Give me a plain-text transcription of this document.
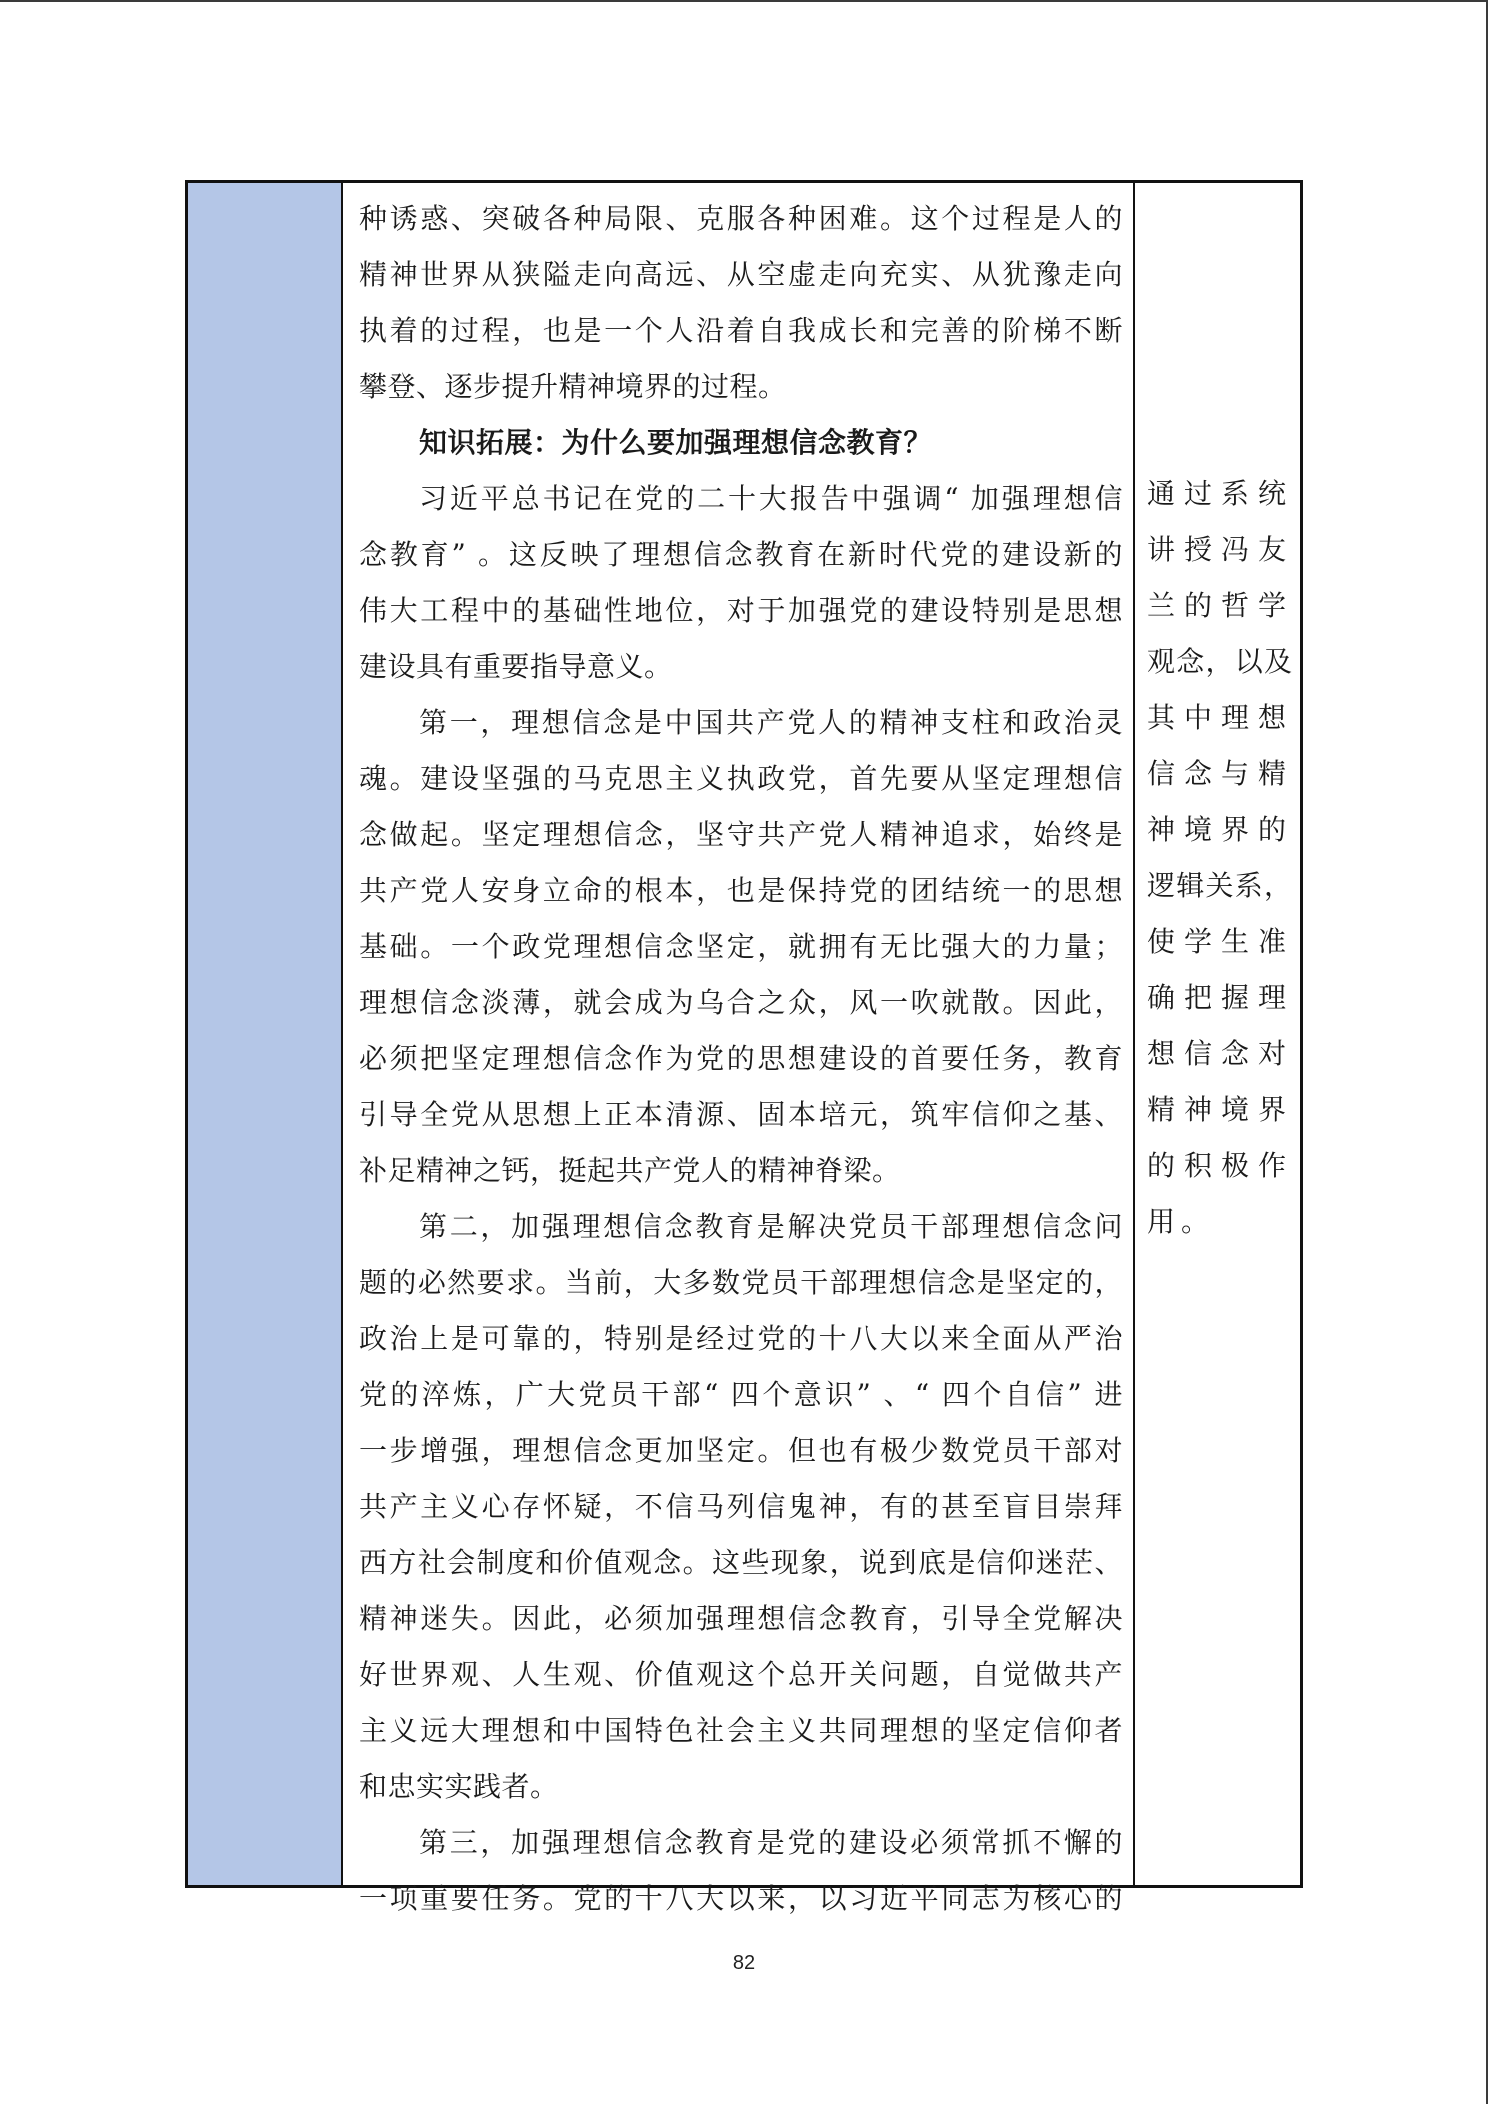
种诱惑、突破各种局限、克服各种困难。这个过程是人的

精神世界从狭隘走向高远、从空虚走向充实、从犹豫走向

执着的过程，也是一个人沿着自我成长和完善的阶梯不断

攀登、逐步提升精神境界的过程。

知识拓展：为什么要加强理想信念教育？

习近平总书记在党的二十大报告中强调“ 加强理想信

念教育” 。这反映了理想信念教育在新时代党的建设新的

伟大工程中的基础性地位，对于加强党的建设特别是思想

建设具有重要指导意义。

第一，理想信念是中国共产党人的精神支柱和政治灵

魂。建设坚强的马克思主义执政党，首先要从坚定理想信

念做起。坚定理想信念，坚守共产党人精神追求，始终是

共产党人安身立命的根本，也是保持党的团结统一的思想

基础。一个政党理想信念坚定，就拥有无比强大的力量；

理想信念淡薄，就会成为乌合之众，风一吹就散。因此，

必须把坚定理想信念作为党的思想建设的首要任务，教育

引导全党从思想上正本清源、固本培元，筑牢信仰之基、

补足精神之钙，挺起共产党人的精神脊梁。

第二，加强理想信念教育是解决党员干部理想信念问

题的必然要求。当前，大多数党员干部理想信念是坚定的，

政治上是可靠的，特别是经过党的十八大以来全面从严治

党的淬炼，广大党员干部“ 四个意识” 、“ 四个自信” 进

一步增强，理想信念更加坚定。但也有极少数党员干部对

共产主义心存怀疑，不信马列信鬼神，有的甚至盲目崇拜

西方社会制度和价值观念。这些现象，说到底是信仰迷茫、

精神迷失。因此，必须加强理想信念教育，引导全党解决

好世界观、人生观、价值观这个总开关问题，自觉做共产

主义远大理想和中国特色社会主义共同理想的坚定信仰者

和忠实实践者。

第三，加强理想信念教育是党的建设必须常抓不懈的

一项重要任务。党的十八大以来，以习近平同志为核心的

通过系统

讲授冯友

兰的哲学

观念，以及

其中理想

信念与精

神境界的

逻辑关系，

使学生准

确把握理

想信念对

精神境界

的积极作

用。

82
